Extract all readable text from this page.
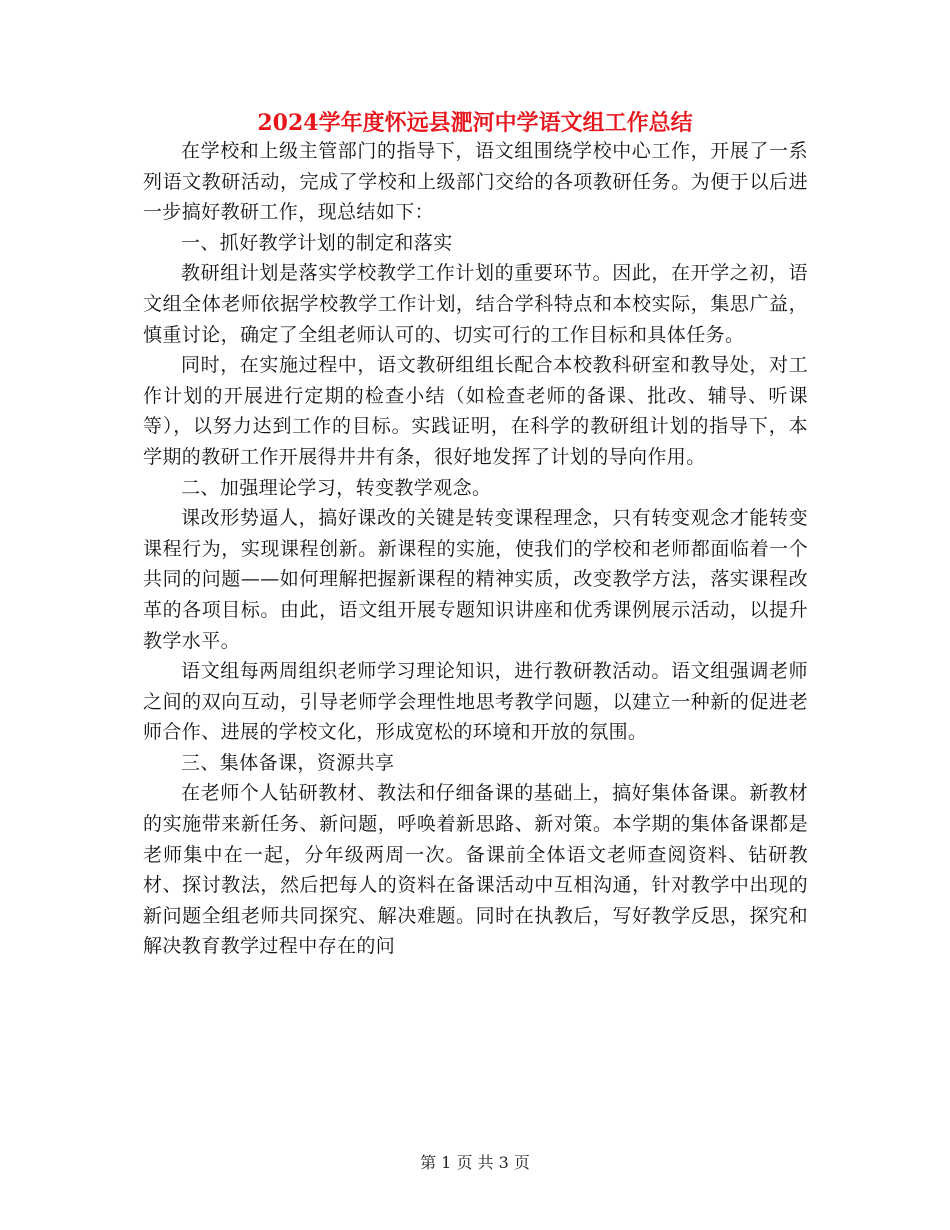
2024学年度怀远县淝河中学语文组工作总结

在学校和上级主管部门的指导下，语文组围绕学校中心工作，开展了一系列语文教研活动，完成了学校和上级部门交给的各项教研任务。为便于以后进一步搞好教研工作，现总结如下：

一、抓好教学计划的制定和落实

教研组计划是落实学校教学工作计划的重要环节。因此，在开学之初，语文组全体老师依据学校教学工作计划，结合学科特点和本校实际，集思广益，慎重讨论，确定了全组老师认可的、切实可行的工作目标和具体任务。

同时，在实施过程中，语文教研组组长配合本校教科研室和教导处，对工作计划的开展进行定期的检查小结（如检查老师的备课、批改、辅导、听课等），以努力达到工作的目标。实践证明，在科学的教研组计划的指导下，本学期的教研工作开展得井井有条，很好地发挥了计划的导向作用。

二、加强理论学习，转变教学观念。

课改形势逼人，搞好课改的关键是转变课程理念，只有转变观念才能转变课程行为，实现课程创新。新课程的实施，使我们的学校和老师都面临着一个共同的问题——如何理解把握新课程的精神实质，改变教学方法，落实课程改革的各项目标。由此，语文组开展专题知识讲座和优秀课例展示活动，以提升教学水平。

语文组每两周组织老师学习理论知识，进行教研教活动。语文组强调老师之间的双向互动，引导老师学会理性地思考教学问题，以建立一种新的促进老师合作、进展的学校文化，形成宽松的环境和开放的氛围。

三、集体备课，资源共享

在老师个人钻研教材、教法和仔细备课的基础上，搞好集体备课。新教材的实施带来新任务、新问题，呼唤着新思路、新对策。本学期的集体备课都是老师集中在一起，分年级两周一次。备课前全体语文老师查阅资料、钻研教材、探讨教法，然后把每人的资料在备课活动中互相沟通，针对教学中出现的新问题全组老师共同探究、解决难题。同时在执教后，写好教学反思，探究和解决教育教学过程中存在的问

第 1 页 共 3 页
